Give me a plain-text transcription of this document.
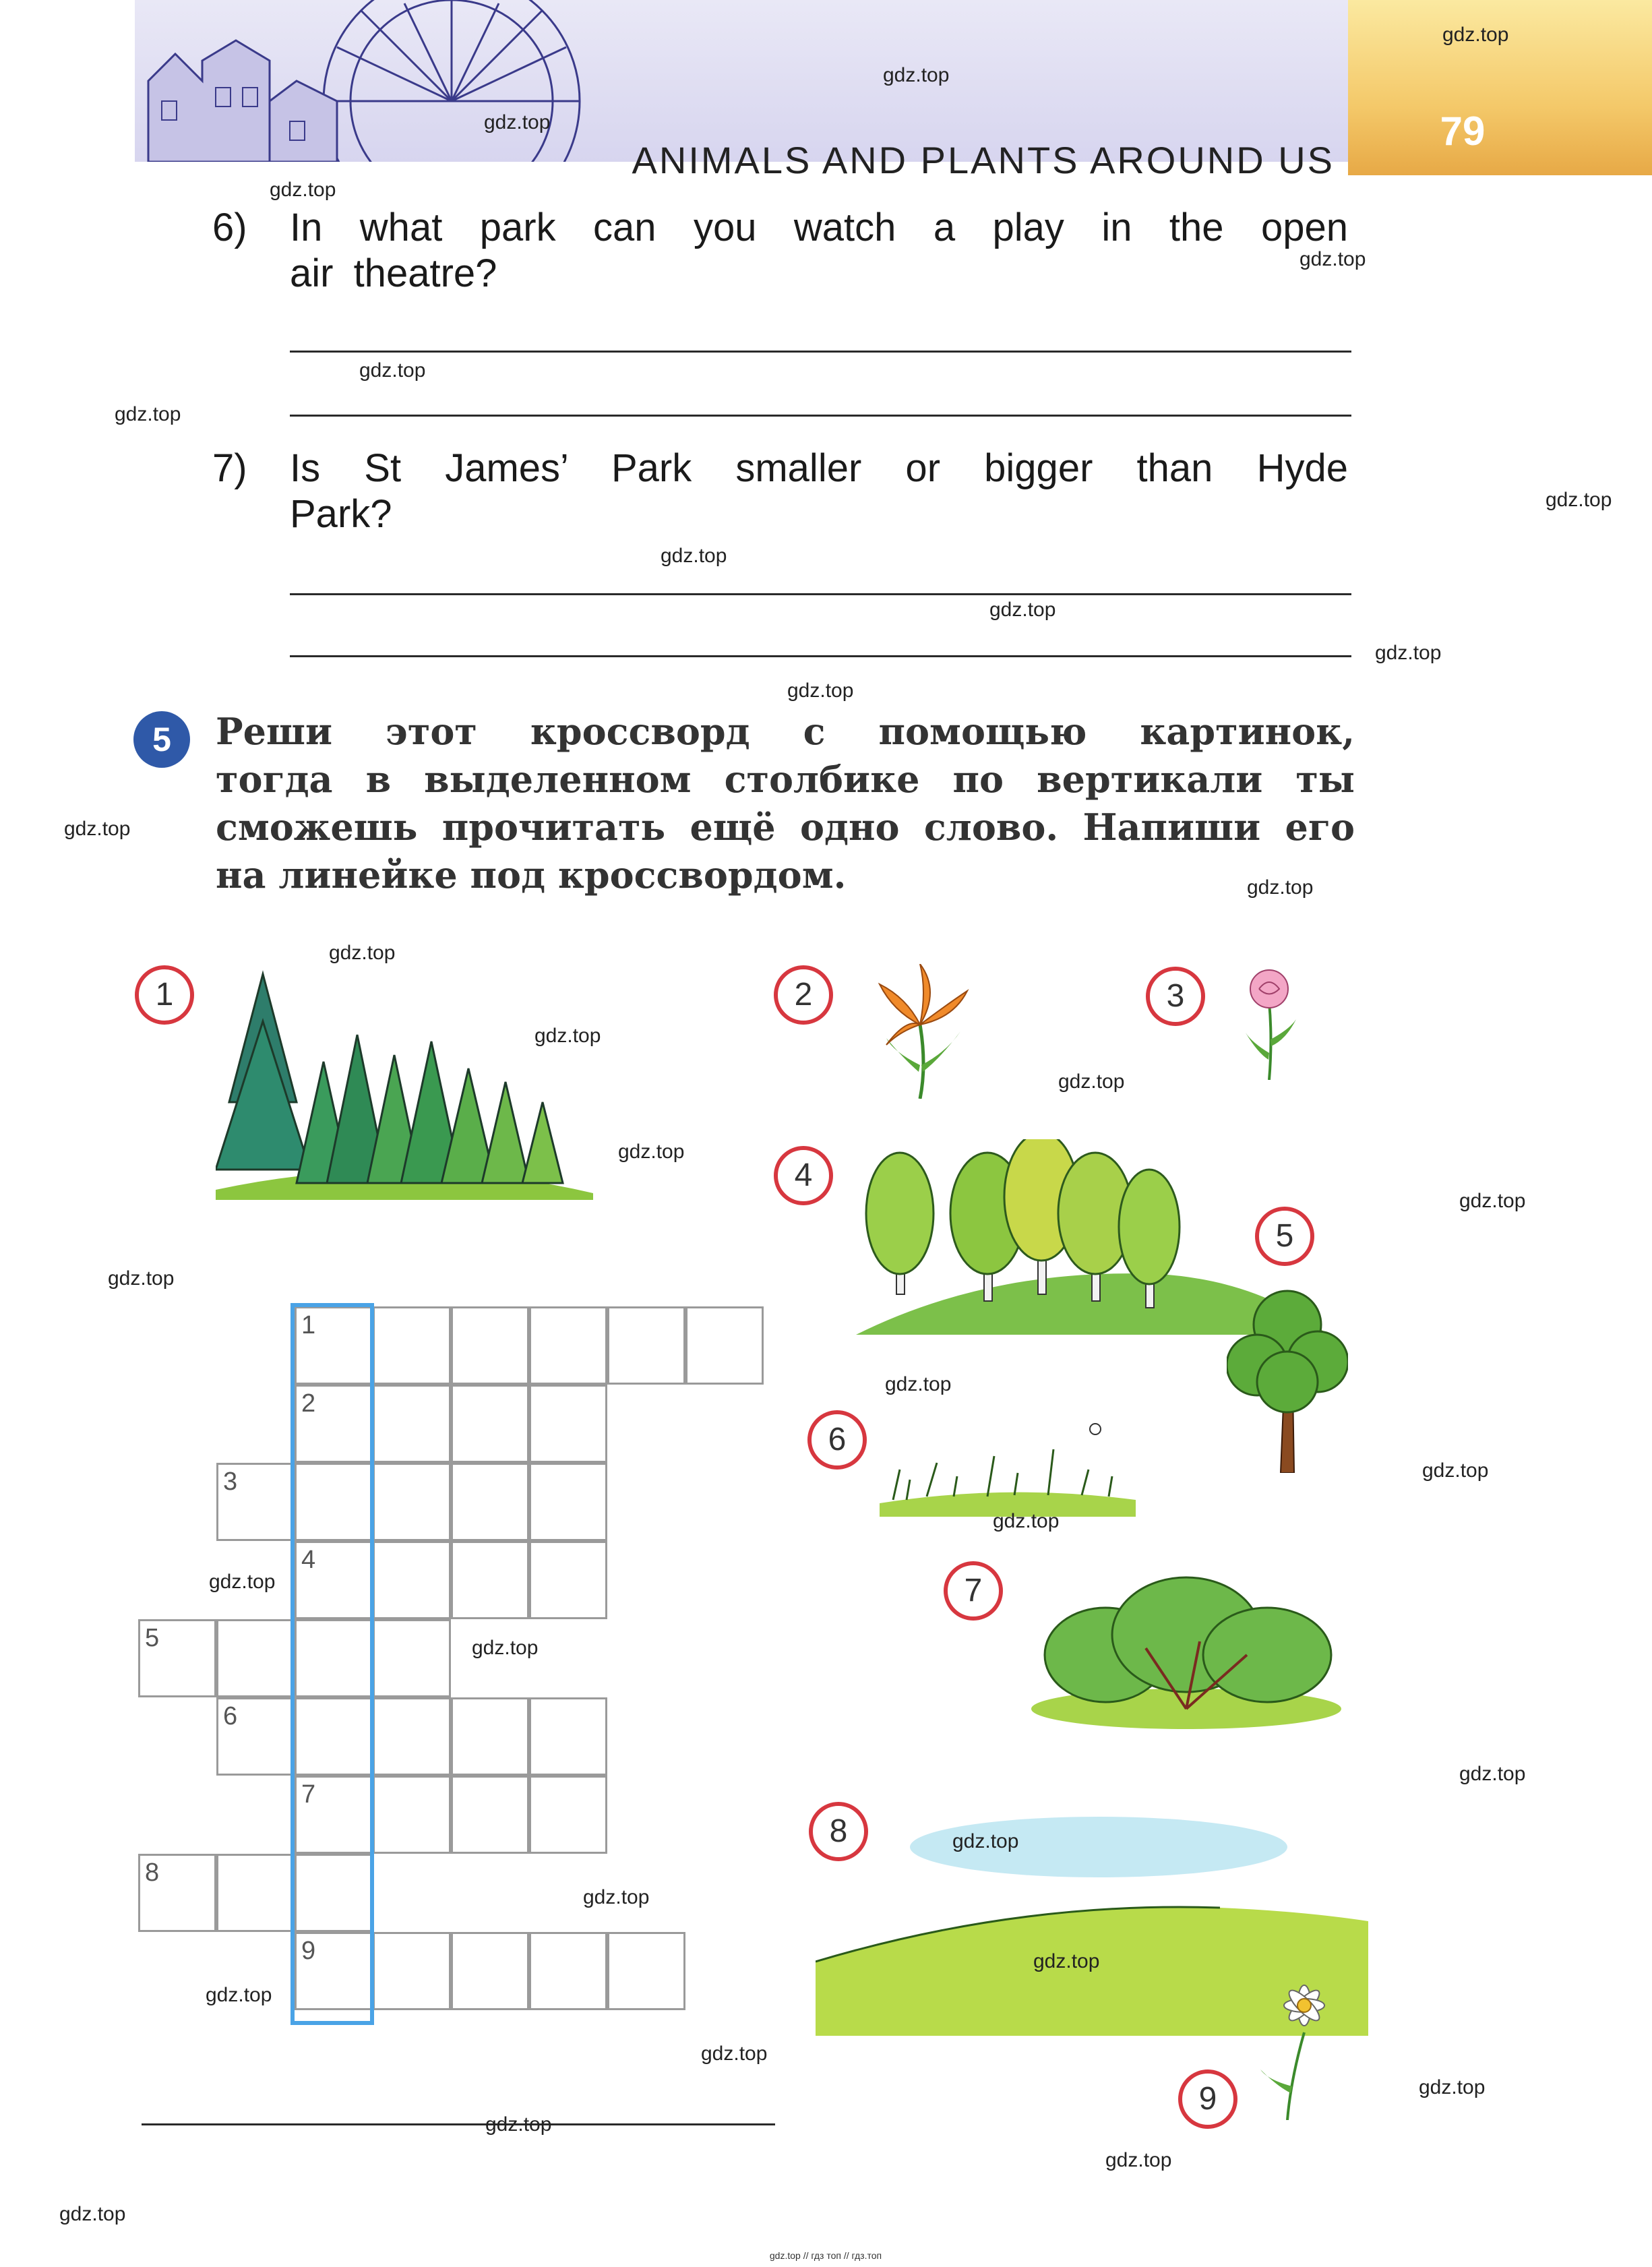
79
ANIMALS AND PLANTS AROUND US
6) In what park can you watch a play in the open
air theatre?
7) Is St James’ Park smaller or bigger than Hyde
Park?
5	Реши этот кроссворд с помощью картинок,
тогда в выделенном столбике по вертикали ты
сможешь прочитать ещё одно слово. Напиши его
на линейке под кроссвордом.
1	2	3
4
5
6
7
8
9
1
2
3
4
5
6
7
8
9
gdz.top
gdz.top
gdz.top
gdz.top
gdz.top
gdz.top
gdz.top
gdz.top
gdz.top
gdz.top
gdz.top
gdz.top
gdz.top
gdz.top
gdz.top
gdz.top
gdz.top
gdz.top
gdz.top
gdz.top
gdz.top
gdz.top
gdz.top
gdz.top
gdz.top
gdz.top
gdz.top
gdz.top
gdz.top
gdz.top
gdz.top
gdz.top
gdz.top
gdz.top
gdz.top
gdz.top // гдз топ // гдз.топ
